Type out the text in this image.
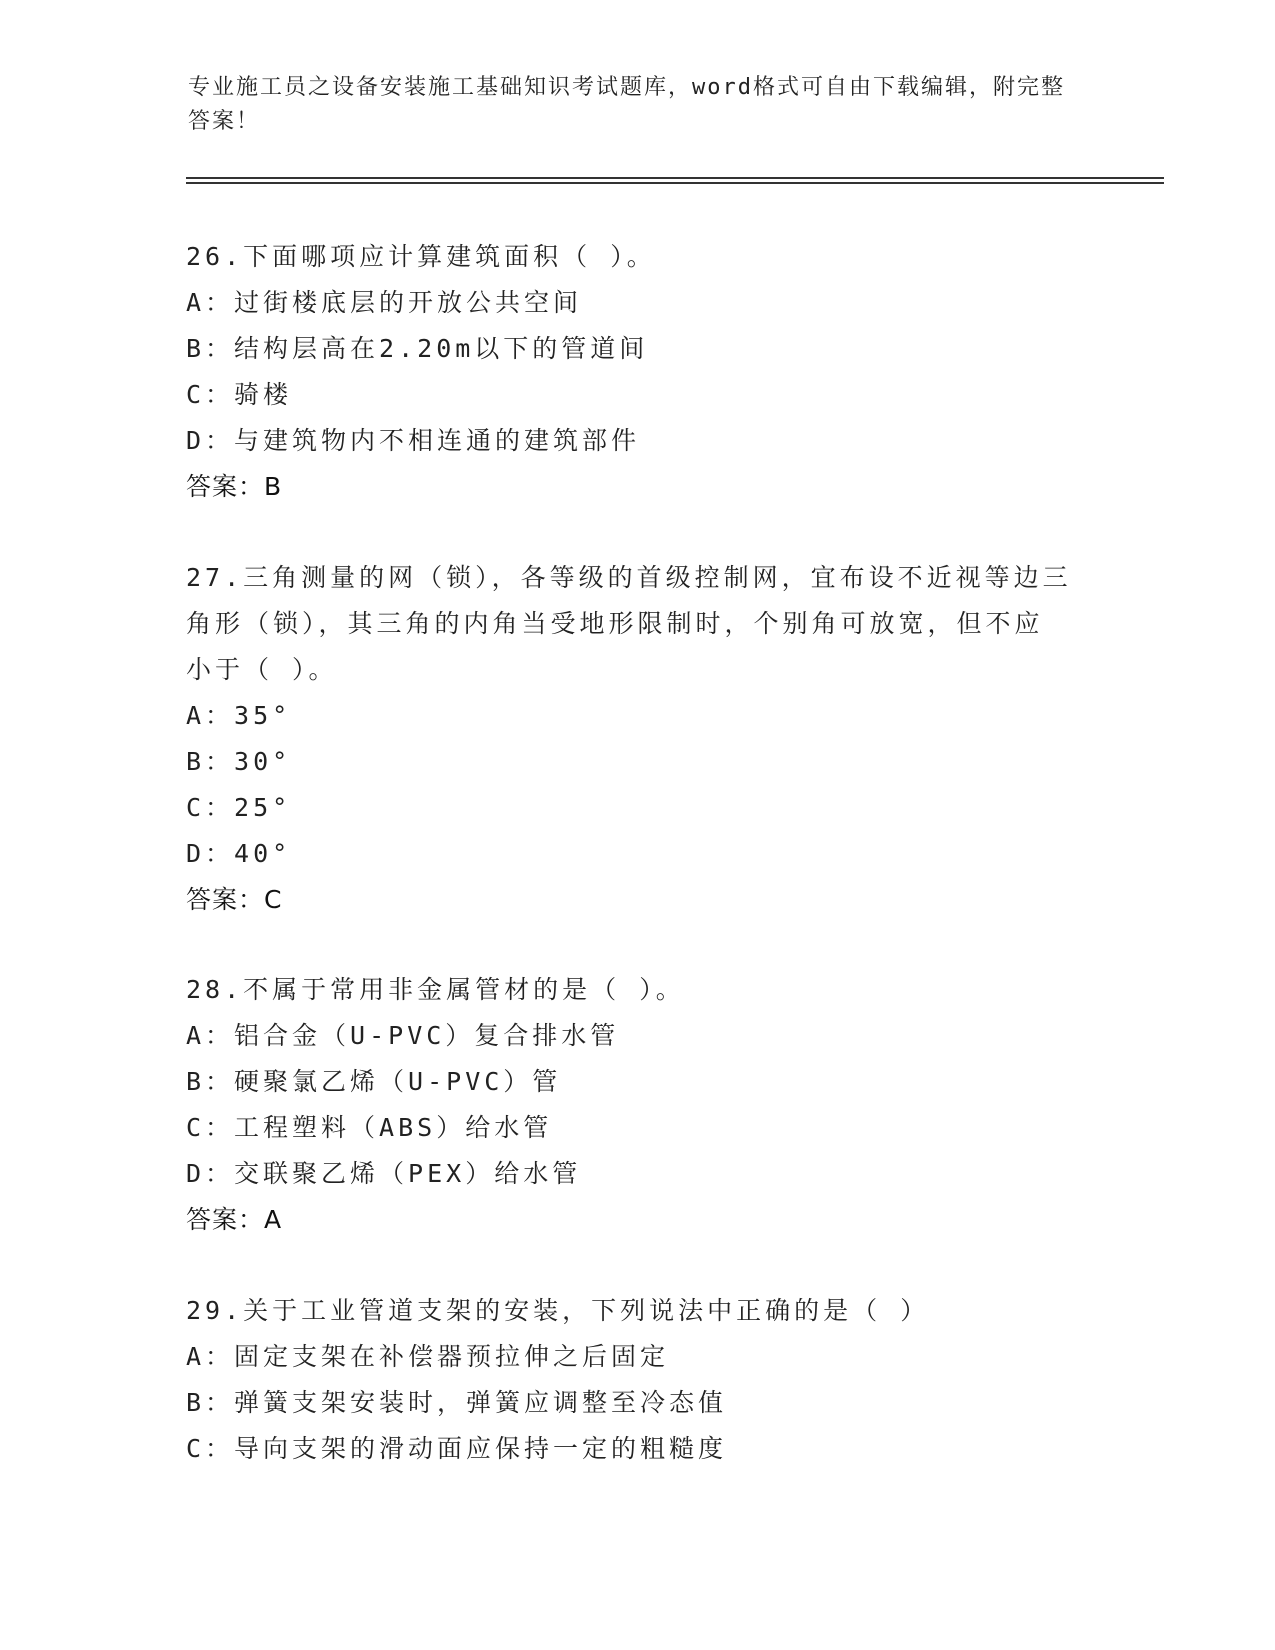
专业施工员之设备安装施工基础知识考试题库，word格式可自由下载编辑，附完整答案！
26.下面哪项应计算建筑面积（ ）。
A：过街楼底层的开放公共空间
B：结构层高在2.20m以下的管道间
C：骑楼
D：与建筑物内不相连通的建筑部件
答案：B
27.三角测量的网（锁），各等级的首级控制网，宜布设不近视等边三
角形（锁），其三角的内角当受地形限制时，个别角可放宽，但不应
小于（ ）。
A：35°
B：30°
C：25°
D：40°
答案：C
28.不属于常用非金属管材的是（ ）。
A：铝合金（U-PVC）复合排水管
B：硬聚氯乙烯（U-PVC）管
C：工程塑料（ABS）给水管
D：交联聚乙烯（PEX）给水管
答案：A
29.关于工业管道支架的安装，下列说法中正确的是（ ）
A：固定支架在补偿器预拉伸之后固定
B：弹簧支架安装时，弹簧应调整至冷态值
C：导向支架的滑动面应保持一定的粗糙度
